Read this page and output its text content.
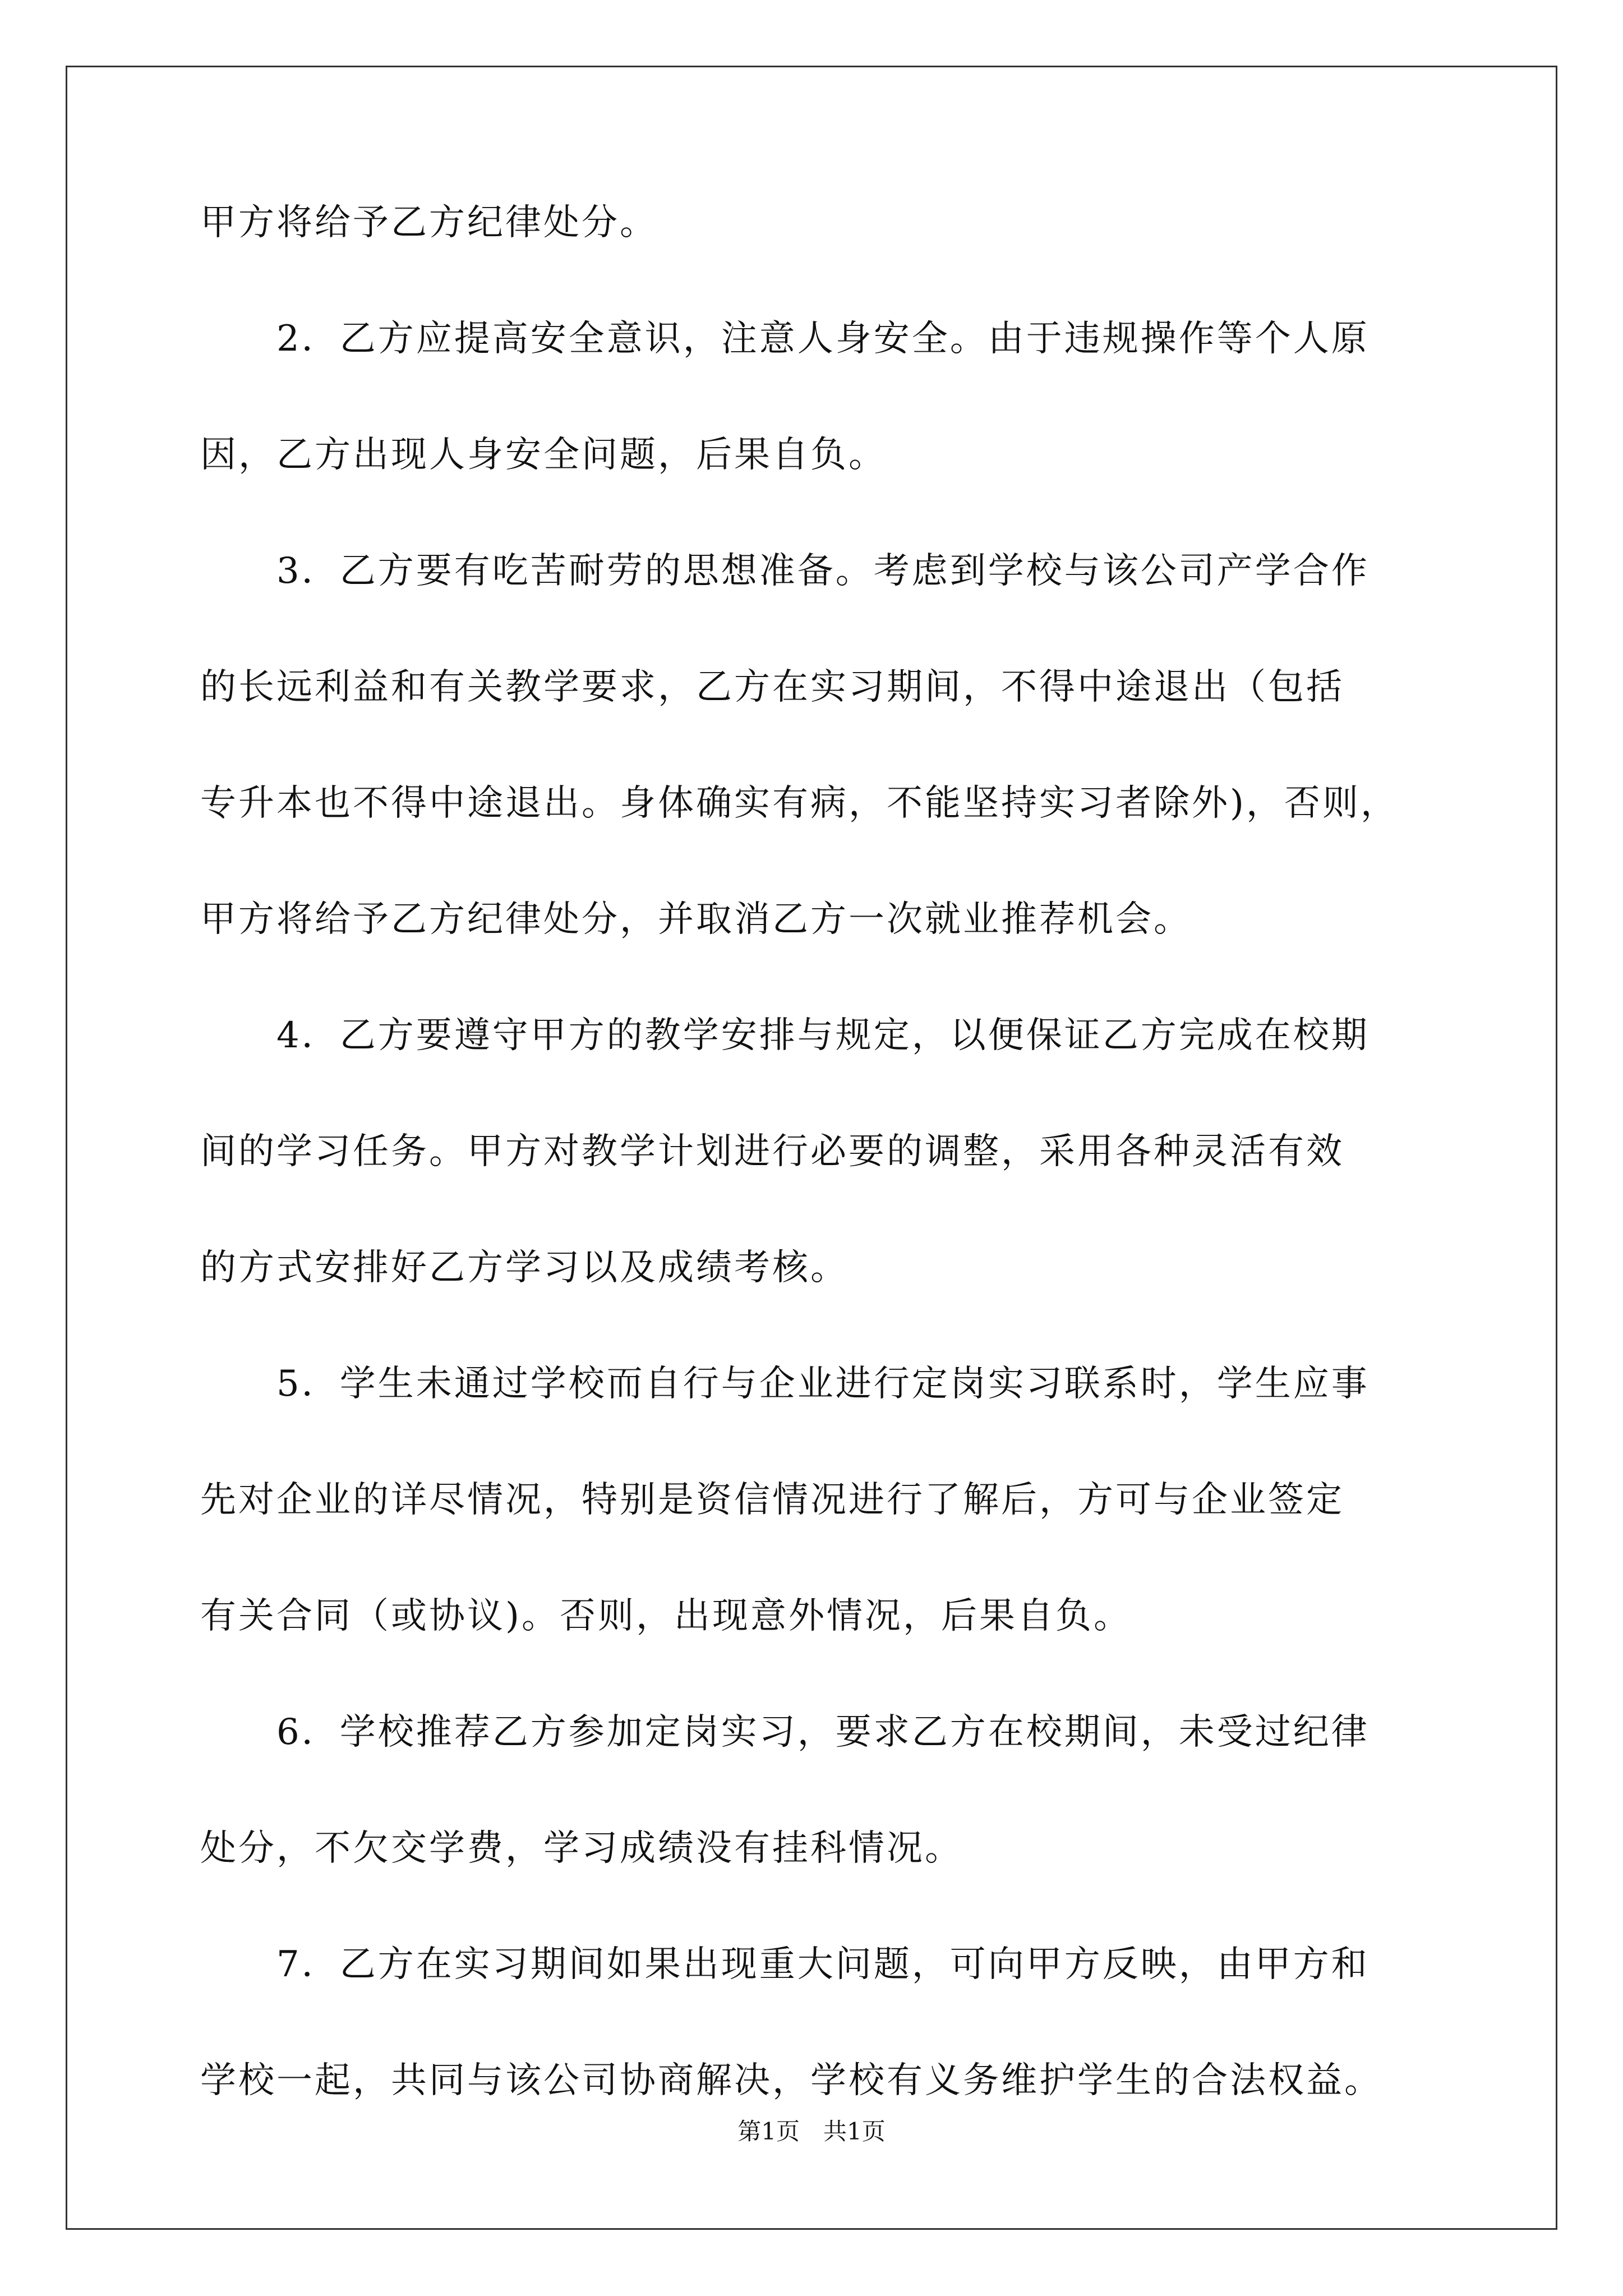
甲方将给予乙方纪律处分。
　　2．乙方应提高安全意识，注意人身安全。由于违规操作等个人原
因，乙方出现人身安全问题，后果自负。
　　3．乙方要有吃苦耐劳的思想准备。考虑到学校与该公司产学合作
的长远利益和有关教学要求，乙方在实习期间，不得中途退出（包括
专升本也不得中途退出。身体确实有病，不能坚持实习者除外)，否则，
甲方将给予乙方纪律处分，并取消乙方一次就业推荐机会。
　　4．乙方要遵守甲方的教学安排与规定，以便保证乙方完成在校期
间的学习任务。甲方对教学计划进行必要的调整，采用各种灵活有效
的方式安排好乙方学习以及成绩考核。
　　5．学生未通过学校而自行与企业进行定岗实习联系时，学生应事
先对企业的详尽情况，特别是资信情况进行了解后，方可与企业签定
有关合同（或协议)。否则，出现意外情况，后果自负。
　　6．学校推荐乙方参加定岗实习，要求乙方在校期间，未受过纪律
处分，不欠交学费，学习成绩没有挂科情况。
　　7．乙方在实习期间如果出现重大问题，可向甲方反映，由甲方和
学校一起，共同与该公司协商解决，学校有义务维护学生的合法权益。
第1页　共1页
